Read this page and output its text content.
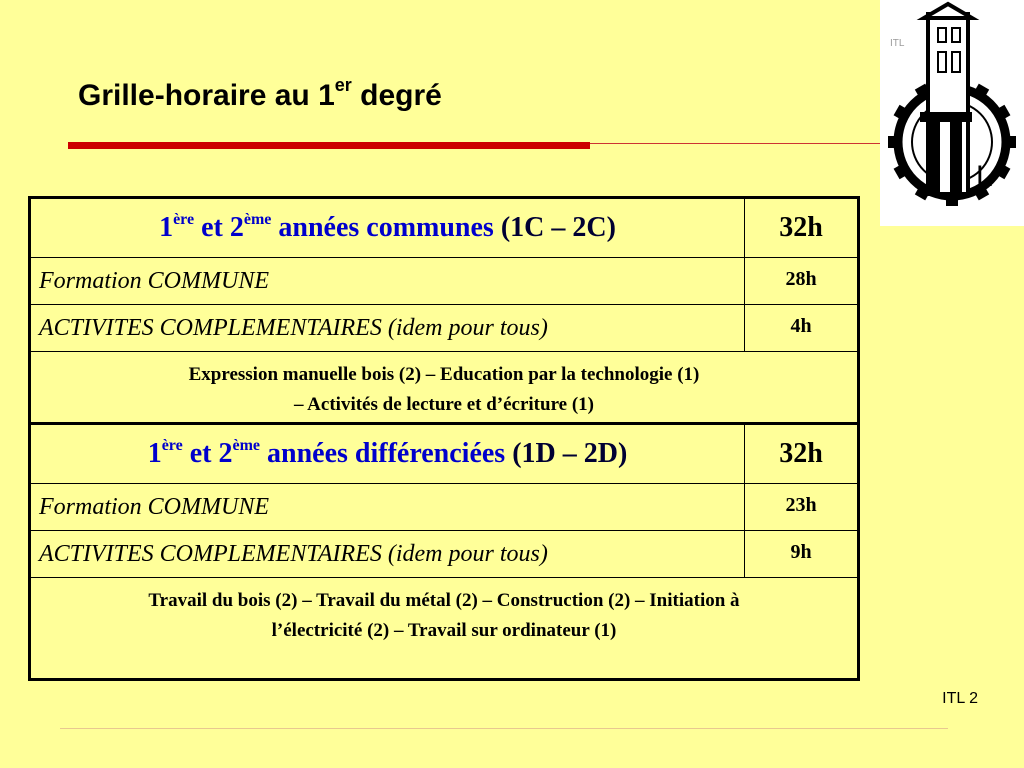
Grille-horaire au 1er degré
L
ITL
1ère et 2ème années communes (1C – 2C)	32h
Formation COMMUNE	28h
ACTIVITES COMPLEMENTAIRES (idem pour tous)	4h

Expression manuelle bois (2) – Education par la technologie (1)
– Activités de lecture et d’écriture (1)	

1ère et 2ème années différenciées (1D – 2D)	32h
Formation COMMUNE	23h
ACTIVITES COMPLEMENTAIRES (idem pour tous)	9h

Travail du bois (2) – Travail du métal (2) – Construction (2) – Initiation à
l’électricité (2) – Travail sur ordinateur (1)	
ITL 2
